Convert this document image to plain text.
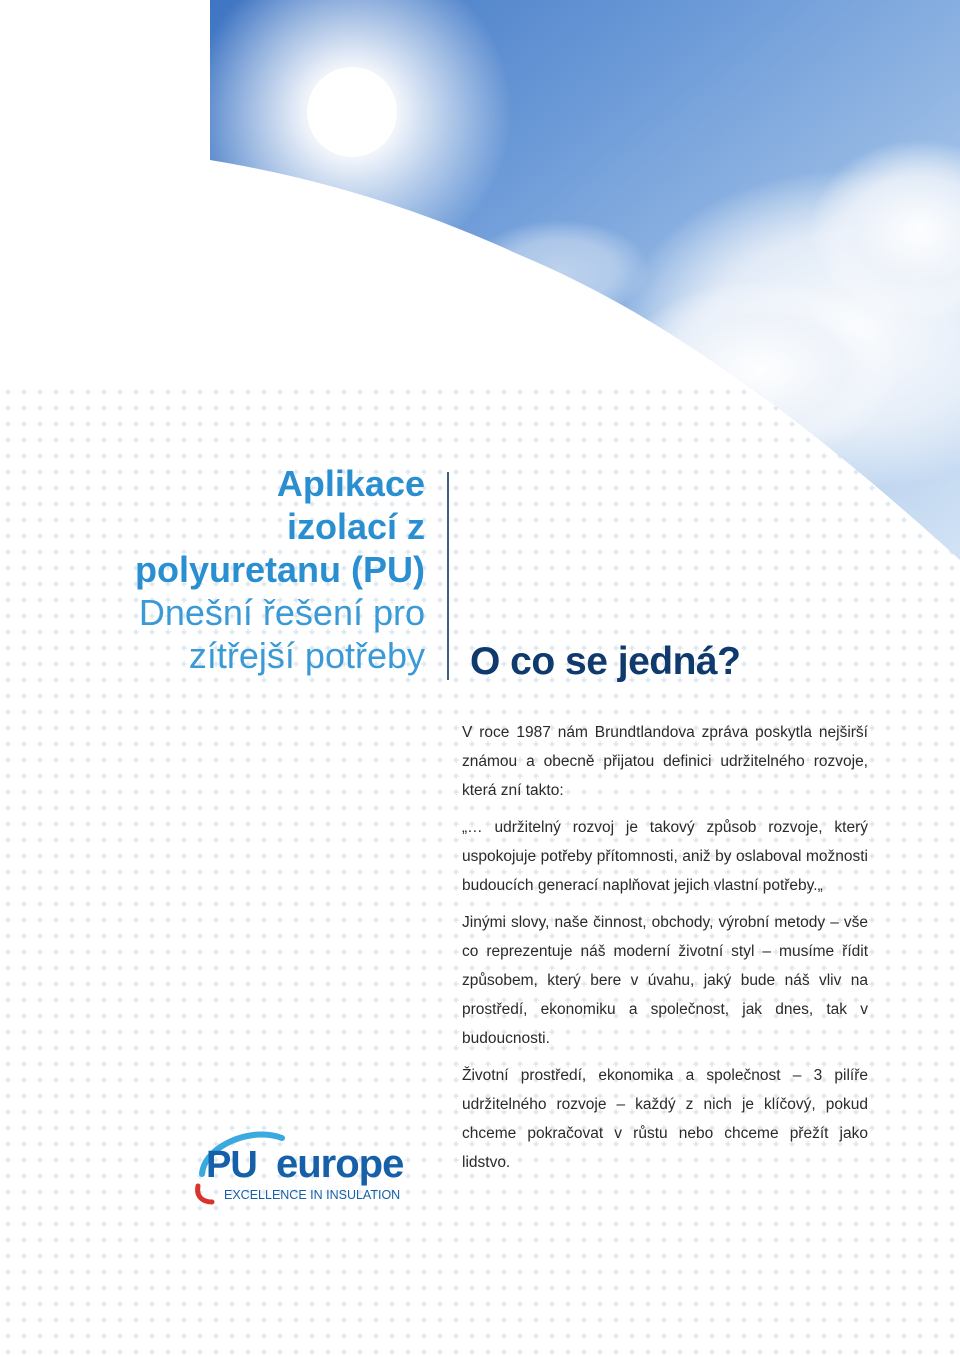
Aplikace
izolací z
polyuretanu (PU)
Dnešní řešení pro
zítřejší potřeby O co se jedná?

V roce 1987 nám Brundtlandova zpráva poskytla nejširší známou a obecně přijatou definici udržitelného rozvoje, která zní takto:

„… udržitelný rozvoj je takový způsob rozvoje, který uspokojuje potřeby přítomnosti, aniž by oslaboval možnosti budoucích generací naplňovat jejich vlastní potřeby.„

Jinými slovy, naše činnost, obchody, výrobní metody – vše co reprezentuje náš moderní životní styl – musíme řídit způsobem, který bere v úvahu, jaký bude náš vliv na prostředí, ekonomiku a společnost, jak dnes, tak v budoucnosti.

Životní prostředí, ekonomika a společnost – 3 pilíře udržitelného rozvoje – každý z nich je klíčový, pokud chceme pokračovat v růstu nebo chceme přežít jako lidstvo.

PU europe
EXCELLENCE IN INSULATION
